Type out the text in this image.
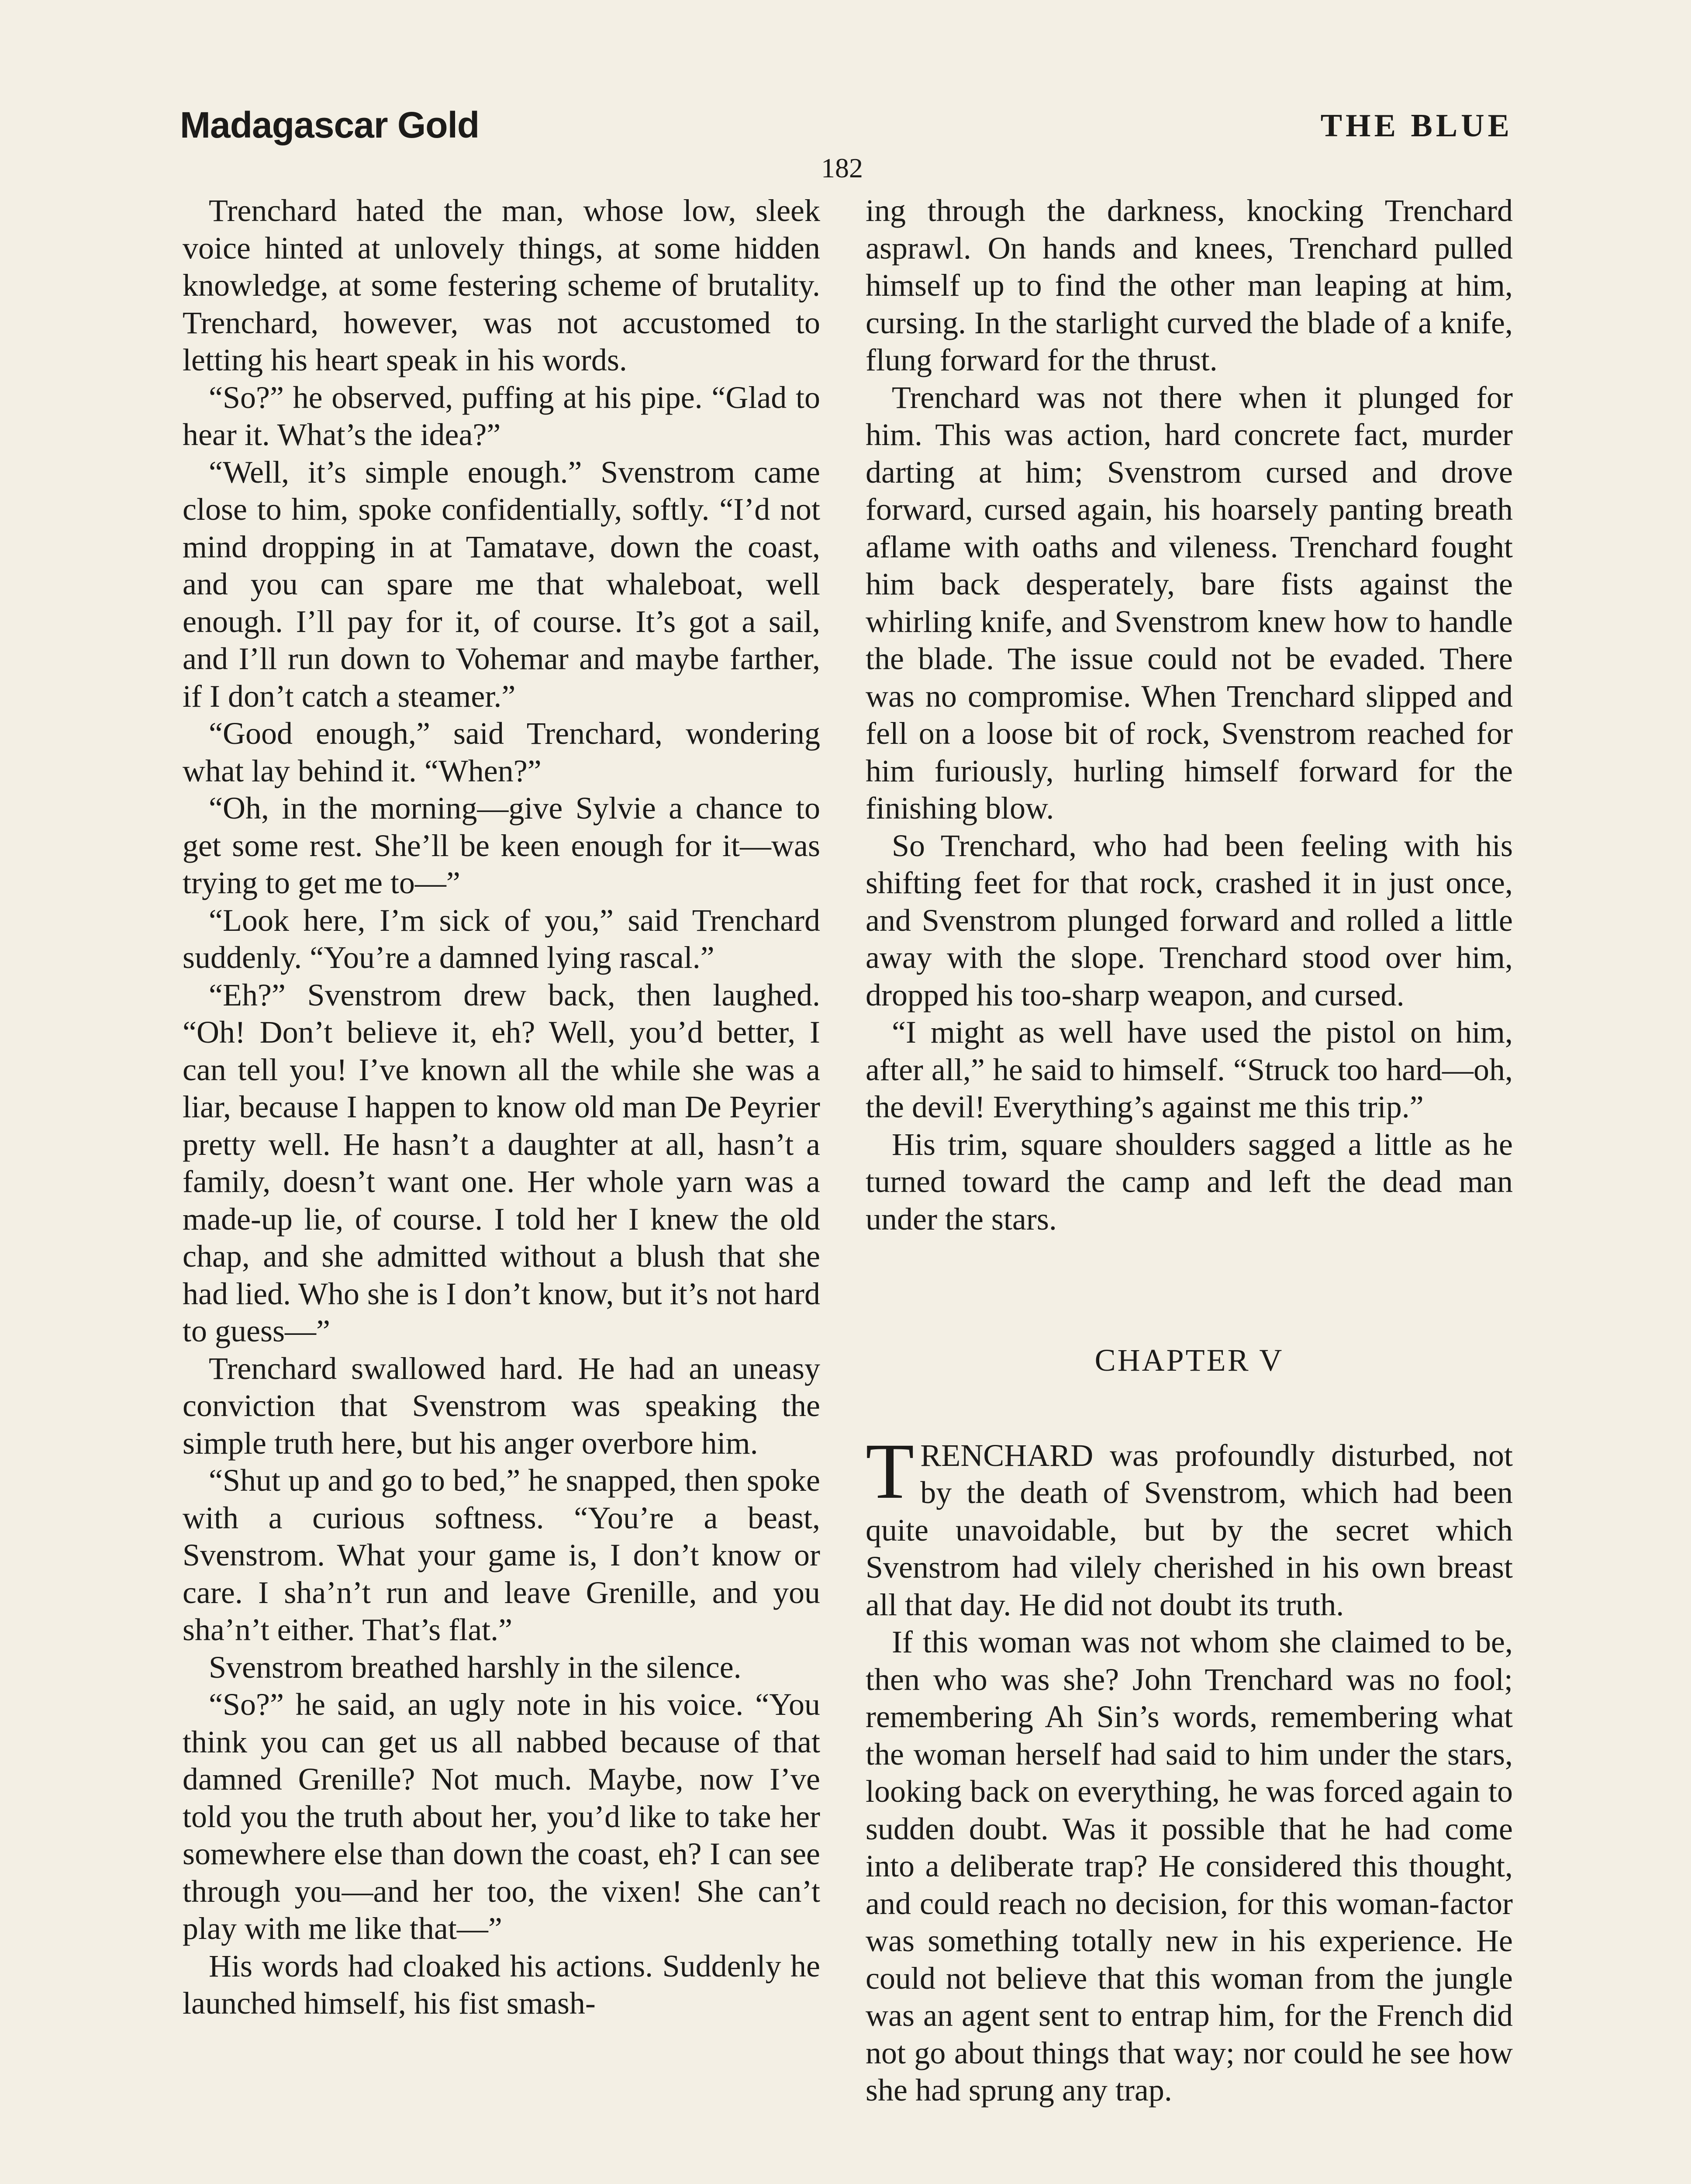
Madagascar Gold	THE BLUE
182

Trenchard hated the man, whose low, sleek voice hinted at unlovely things, at some hidden knowledge, at some festering scheme of brutality. Trenchard, however, was not accustomed to letting his heart speak in his words.

“So?” he observed, puffing at his pipe. “Glad to hear it. What’s the idea?”

“Well, it’s simple enough.” Svenstrom came close to him, spoke confidentially, softly. “I’d not mind dropping in at Tamatave, down the coast, and you can spare me that whaleboat, well enough. I’ll pay for it, of course. It’s got a sail, and I’ll run down to Vohemar and maybe farther, if I don’t catch a steamer.”

“Good enough,” said Trenchard, wondering what lay behind it. “When?”

“Oh, in the morning—give Sylvie a chance to get some rest. She’ll be keen enough for it—was trying to get me to—”

“Look here, I’m sick of you,” said Trenchard suddenly. “You’re a damned lying rascal.”

“Eh?” Svenstrom drew back, then laughed. “Oh! Don’t believe it, eh? Well, you’d better, I can tell you! I’ve known all the while she was a liar, because I happen to know old man De Peyrier pretty well. He hasn’t a daughter at all, hasn’t a family, doesn’t want one. Her whole yarn was a made-up lie, of course. I told her I knew the old chap, and she admitted without a blush that she had lied. Who she is I don’t know, but it’s not hard to guess—”

Trenchard swallowed hard. He had an uneasy conviction that Svenstrom was speaking the simple truth here, but his anger overbore him.

“Shut up and go to bed,” he snapped, then spoke with a curious softness. “You’re a beast, Svenstrom. What your game is, I don’t know or care. I sha’n’t run and leave Grenille, and you sha’n’t either. That’s flat.”

Svenstrom breathed harshly in the silence.

“So?” he said, an ugly note in his voice. “You think you can get us all nabbed because of that damned Grenille? Not much. Maybe, now I’ve told you the truth about her, you’d like to take her somewhere else than down the coast, eh? I can see through you—and her too, the vixen! She can’t play with me like that—”

His words had cloaked his actions. Suddenly he launched himself, his fist smash-

ing through the darkness, knocking Trenchard asprawl. On hands and knees, Trenchard pulled himself up to find the other man leaping at him, cursing. In the starlight curved the blade of a knife, flung forward for the thrust.

Trenchard was not there when it plunged for him. This was action, hard concrete fact, murder darting at him; Svenstrom cursed and drove forward, cursed again, his hoarsely panting breath aflame with oaths and vileness. Trenchard fought him back desperately, bare fists against the whirling knife, and Svenstrom knew how to handle the blade. The issue could not be evaded. There was no compromise. When Trenchard slipped and fell on a loose bit of rock, Svenstrom reached for him furiously, hurling himself forward for the finishing blow.

So Trenchard, who had been feeling with his shifting feet for that rock, crashed it in just once, and Svenstrom plunged forward and rolled a little away with the slope. Trenchard stood over him, dropped his too-sharp weapon, and cursed.

“I might as well have used the pistol on him, after all,” he said to himself. “Struck too hard—oh, the devil! Everything’s against me this trip.”

His trim, square shoulders sagged a little as he turned toward the camp and left the dead man under the stars.

CHAPTER V

TRENCHARD was profoundly disturbed, not by the death of Svenstrom, which had been quite unavoidable, but by the secret which Svenstrom had vilely cherished in his own breast all that day. He did not doubt its truth.

If this woman was not whom she claimed to be, then who was she? John Trenchard was no fool; remembering Ah Sin’s words, remembering what the woman herself had said to him under the stars, looking back on everything, he was forced again to sudden doubt. Was it possible that he had come into a deliberate trap? He considered this thought, and could reach no decision, for this woman-factor was something totally new in his experience. He could not believe that this woman from the jungle was an agent sent to entrap him, for the French did not go about things that way; nor could he see how she had sprung any trap.
